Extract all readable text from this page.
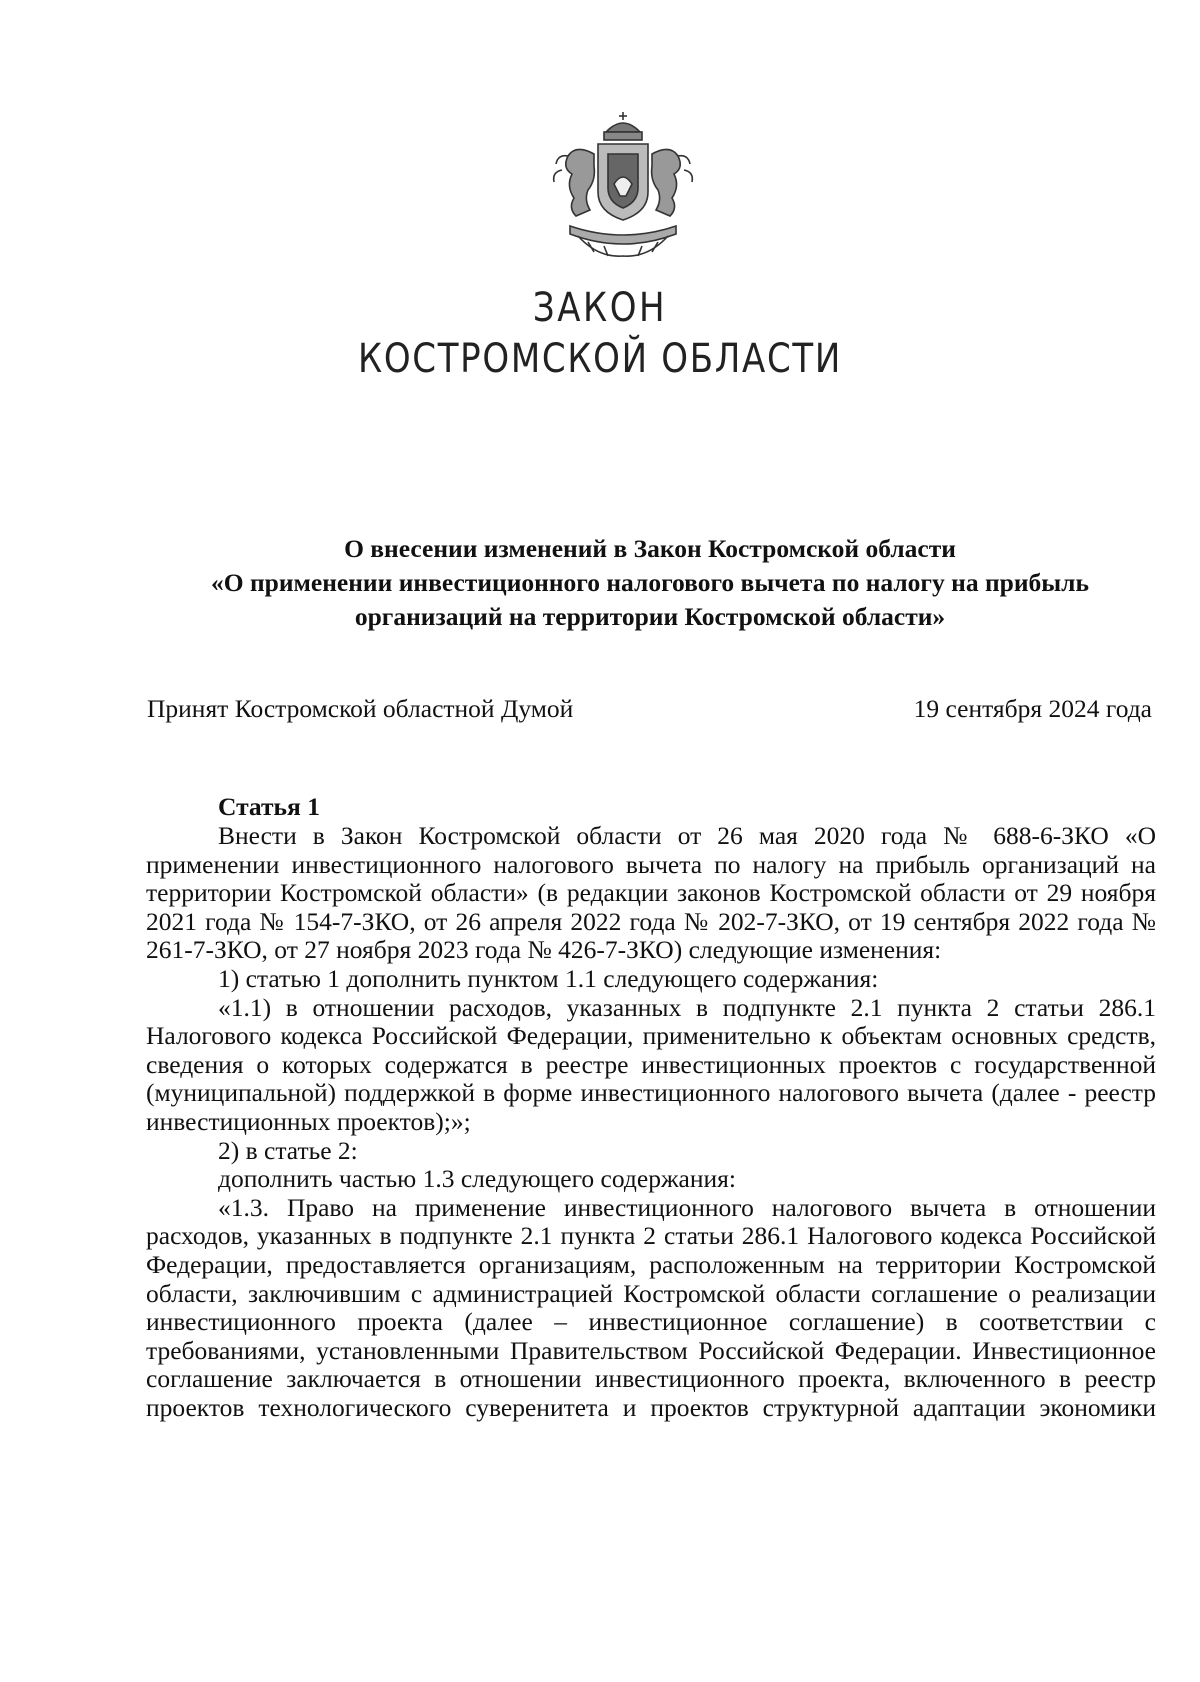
ЗАКОН
КОСТРОМСКОЙ ОБЛАСТИ
О внесении изменений в Закон Костромской области
«О применении инвестиционного налогового вычета по налогу на прибыль
организаций на территории Костромской области»
Принят Костромской областной Думой	19 сентября 2024 года
Статья 1

Внести в Закон Костромской области от 26 мая 2020 года № 688-6-ЗКО «О применении инвестиционного налогового вычета по налогу на прибыль организаций на территории Костромской области» (в редакции законов Костромской области от 29 ноября 2021 года № 154-7-ЗКО, от 26 апреля 2022 года № 202-7-ЗКО, от 19 сентября 2022 года № 261-7-ЗКО, от 27 ноября 2023 года № 426-7-ЗКО) следующие изменения:

1) статью 1 дополнить пунктом 1.1 следующего содержания:

«1.1) в отношении расходов, указанных в подпункте 2.1 пункта 2 статьи 286.1 Налогового кодекса Российской Федерации, применительно к объектам основных средств, сведения о которых содержатся в реестре инвестиционных проектов с государственной (муниципальной) поддержкой в форме инвестиционного налогового вычета (далее - реестр инвестиционных проектов);»;

2) в статье 2:

дополнить частью 1.3 следующего содержания:

«1.3. Право на применение инвестиционного налогового вычета в отношении расходов, указанных в подпункте 2.1 пункта 2 статьи 286.1 Налогового кодекса Российской Федерации, предоставляется организациям, расположенным на территории Костромской области, заключившим с администрацией Костромской области соглашение о реализации инвестиционного проекта (далее – инвестиционное соглашение) в соответствии с требованиями, установленными Правительством Российской Федерации. Инвестиционное соглашение заключается в отношении инвестиционного проекта, включенного в реестр проектов технологического суверенитета и проектов структурной адаптации экономики
